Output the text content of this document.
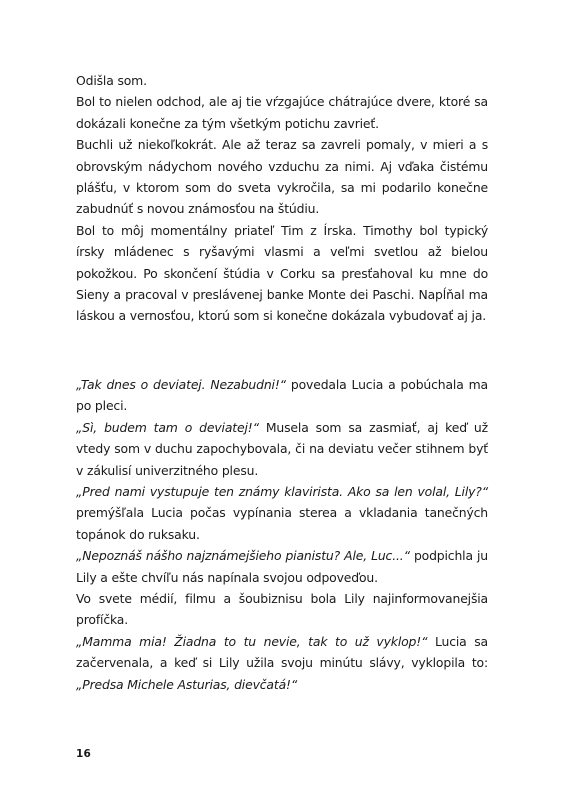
Odišla som.

Bol to nielen odchod, ale aj tie vŕzgajúce chátrajúce dvere, ktoré sa dokázali konečne za tým všetkým potichu zavrieť.

Buchli už niekoľkokrát. Ale až teraz sa zavreli pomaly, v mieri a s obrovským nádychom nového vzduchu za nimi. Aj vďaka čistému plášťu, v ktorom som do sveta vykročila, sa mi podarilo konečne zabudnúť s novou známosťou na štúdiu.

Bol to môj momentálny priateľ Tim z Írska. Timothy bol typický írsky mládenec s ryšavými vlasmi a veľmi svetlou až bielou pokožkou. Po skončení štúdia v Corku sa presťahoval ku mne do Sieny a pracoval v preslávenej banke Monte dei Paschi. Napĺňal ma láskou a vernosťou, ktorú som si konečne dokázala vybudovať aj ja.

„Tak dnes o deviatej. Nezabudni!“ povedala Lucia a pobúchala ma po pleci.

„Sì, budem tam o deviatej!“ Musela som sa zasmiať, aj keď už vtedy som v duchu zapochybovala, či na deviatu večer stihnem byť v zákulisí univerzitného plesu.

„Pred nami vystupuje ten známy klavirista. Ako sa len volal, Lily?“ premýšľala Lucia počas vypínania sterea a vkladania tanečných topánok do ruksaku.

„Nepoznáš nášho najznámejšieho pianistu? Ale, Luc...“ podpichla ju Lily a ešte chvíľu nás napínala svojou odpoveďou.

Vo svete médií, filmu a šoubiznisu bola Lily najinformovanejšia profíčka.

„Mamma mia! Žiadna to tu nevie, tak to už vyklop!“ Lucia sa začervenala, a keď si Lily užila svoju minútu slávy, vyklopila to: „Predsa Michele Asturias, dievčatá!“

16
